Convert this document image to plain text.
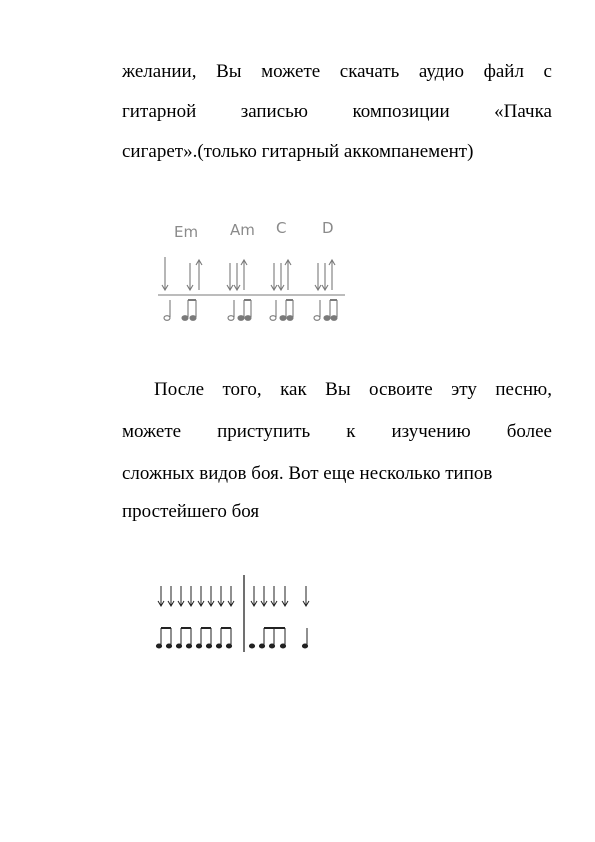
желании, Вы можете скачать аудио файл с
гитарной записью композиции «Пачка
сигарет».(только гитарный аккомпанемент)
Em Am C D
После того, как Вы освоите эту песню,
можете приступить к изучению более
сложных видов боя. Вот еще несколько типов
простейшего боя
